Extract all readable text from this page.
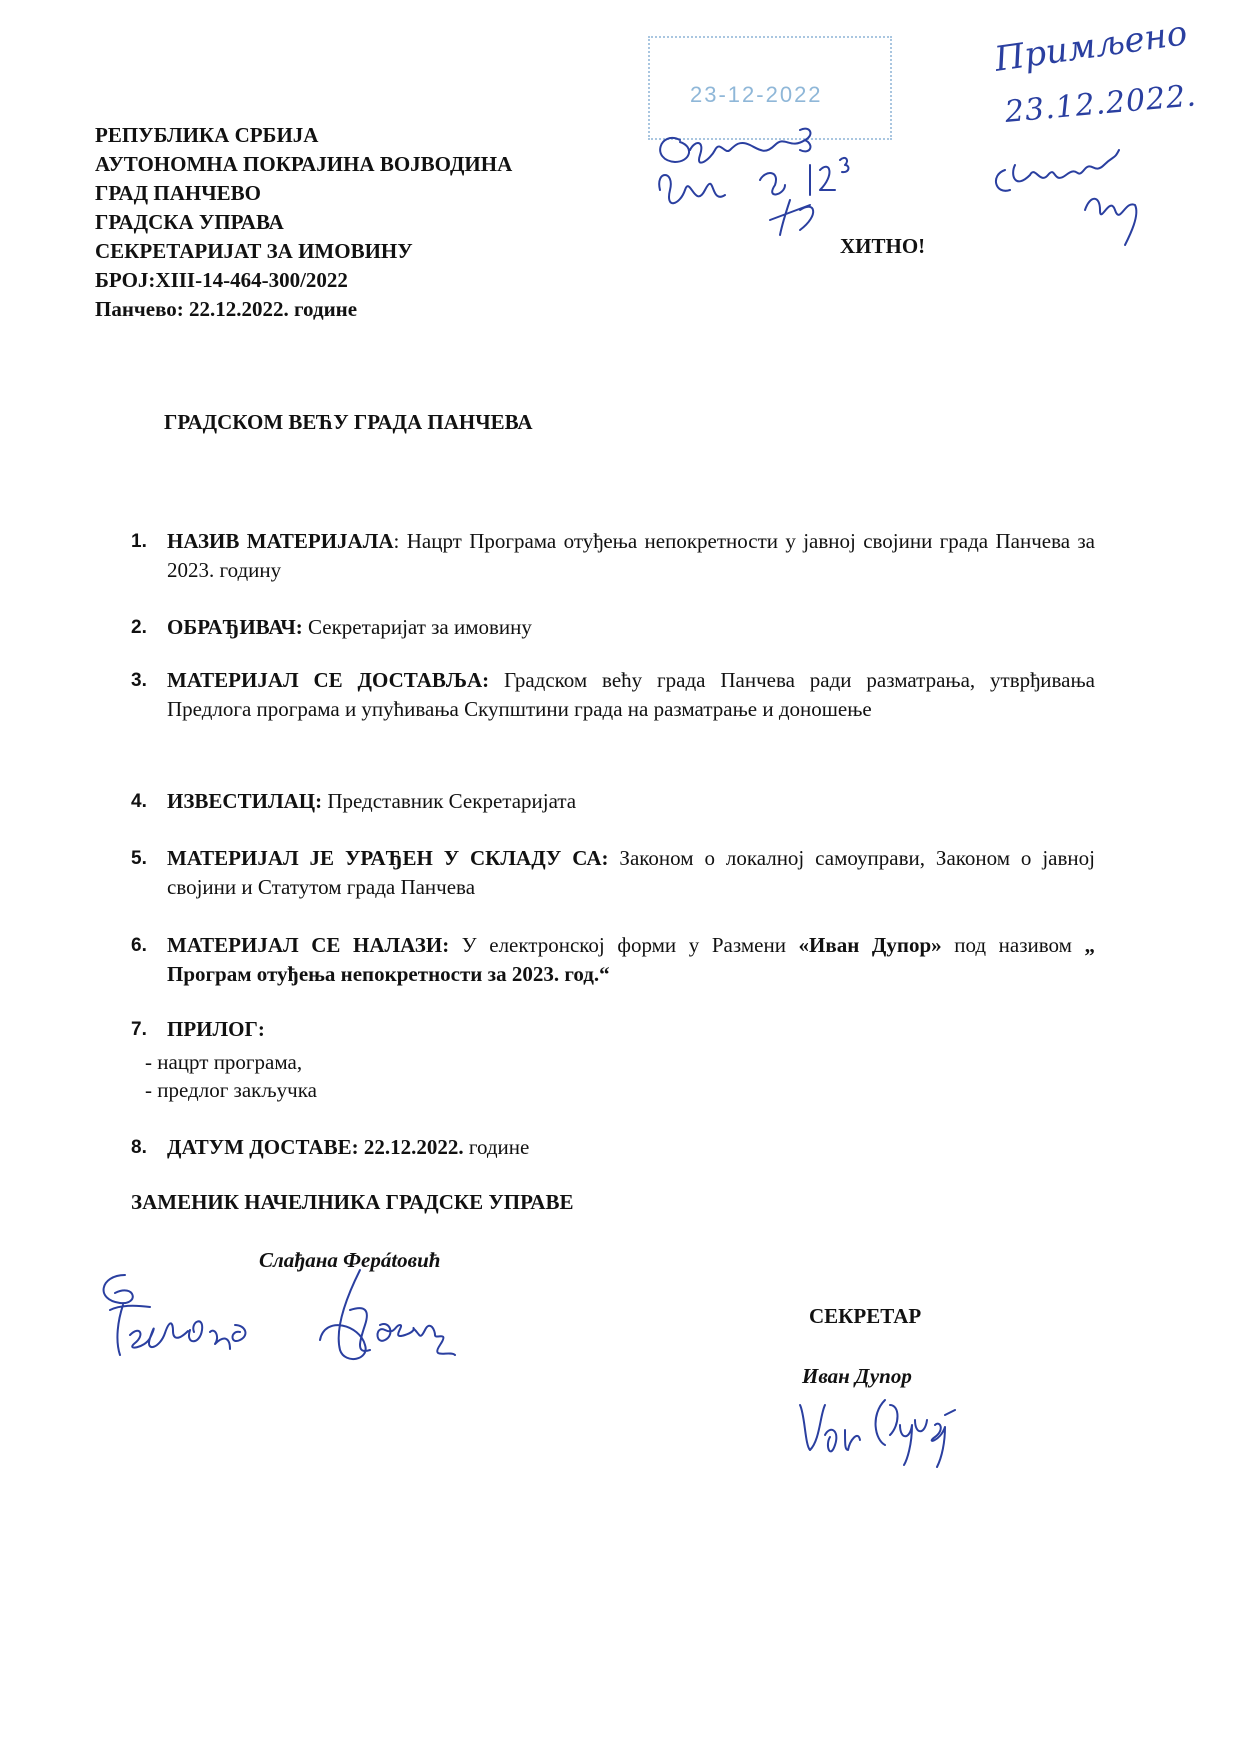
23-12-2022
Примљено
23.12.2022.
РЕПУБЛИКА СРБИЈА
АУТОНОМНА ПОКРАЈИНА ВОЈВОДИНА
ГРАД ПАНЧЕВО
ГРАДСКА УПРАВА
СЕКРЕТАРИЈАТ ЗА ИМОВИНУ
БРОЈ:XIII-14-464-300/2022
Панчево: 22.12.2022. године
ХИТНО!
ГРАДСКОМ ВЕЋУ ГРАДА ПАНЧЕВА
1. НАЗИВ МАТЕРИЈАЛА: Нацрт Програма отуђења непокретности у јавној својини града Панчева за 2023. годину
2. ОБРАЂИВАЧ: Секретаријат за имовину
3. МАТЕРИЈАЛ СЕ ДОСТАВЉА: Градском већу града Панчева ради разматрања, утврђивања Предлога програма и упућивања Скупштини града на разматрање и доношење
4. ИЗВЕСТИЛАЦ: Представник Секретаријата
5. МАТЕРИЈАЛ ЈЕ УРАЂЕН У СКЛАДУ СА: Законом о локалној самоуправи, Законом о јавној својини и Статутом града Панчева
6. МАТЕРИЈАЛ СЕ НАЛАЗИ: У електронској форми у Размени «Иван Дупор» под називом „ Програм отуђења непокретности за 2023. год.“
7. ПРИЛОГ:
- нацрт програма,
- предлог закључка
8. ДАТУМ ДОСТАВЕ: 22.12.2022. године
ЗАМЕНИК НАЧЕЛНИКА ГРАДСКЕ УПРАВЕ
Слађана Ферátовић
СЕКРЕТАР
Иван Дупор
